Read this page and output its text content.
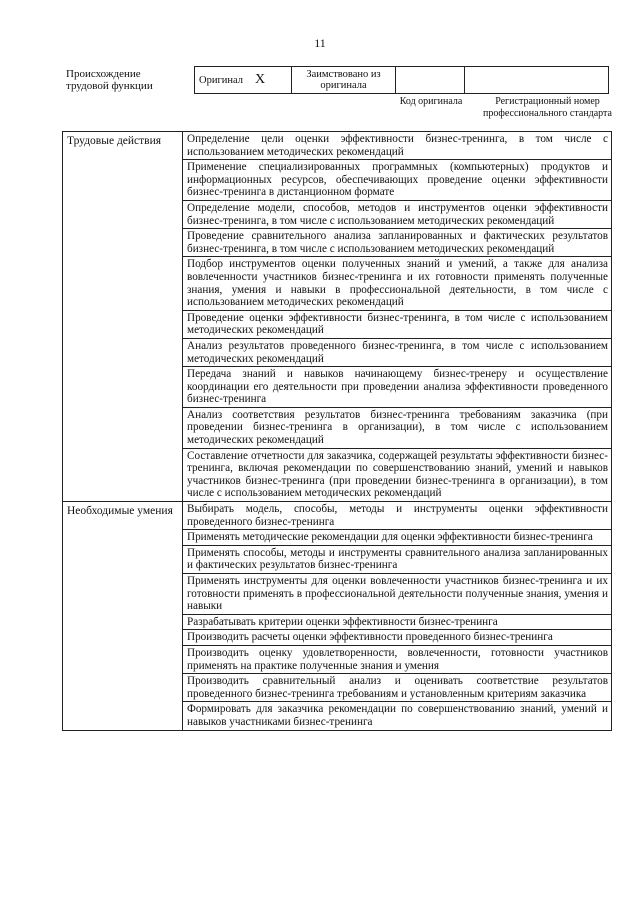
11
Происхождение трудовой функции	Оригинал X	Заимствовано из оригинала		
Код оригинала	Регистрационный номер профессионального стандарта
Трудовые действия	Определение цели оценки эффективности бизнес-тренинга, в том числе с использованием методических рекомендаций
	Применение специализированных программных (компьютерных) продуктов и информационных ресурсов, обеспечивающих проведение оценки эффективности бизнес-тренинга в дистанционном формате
	Определение модели, способов, методов и инструментов оценки эффективности бизнес-тренинга, в том числе с использованием методических рекомендаций
	Проведение сравнительного анализа запланированных и фактических результатов бизнес-тренинга, в том числе с использованием методических рекомендаций
	Подбор инструментов оценки полученных знаний и умений, а также для анализа вовлеченности участников бизнес-тренинга и их готовности применять полученные знания, умения и навыки в профессиональной деятельности, в том числе с использованием методических рекомендаций
	Проведение оценки эффективности бизнес-тренинга, в том числе с использованием методических рекомендаций
	Анализ результатов проведенного бизнес-тренинга, в том числе с использованием методических рекомендаций
	Передача знаний и навыков начинающему бизнес-тренеру и осуществление координации его деятельности при проведении анализа эффективности проведенного бизнес-тренинга
	Анализ соответствия результатов бизнес-тренинга требованиям заказчика (при проведении бизнес-тренинга в организации), в том числе с использованием методических рекомендаций
	Составление отчетности для заказчика, содержащей результаты эффективности бизнес-тренинга, включая рекомендации по совершенствованию знаний, умений и навыков участников бизнес-тренинга (при проведении бизнес-тренинга в организации), в том числе с использованием методических рекомендаций
Необходимые умения	Выбирать модель, способы, методы и инструменты оценки эффективности проведенного бизнес-тренинга
	Применять методические рекомендации для оценки эффективности бизнес-тренинга
	Применять способы, методы и инструменты сравнительного анализа запланированных и фактических результатов бизнес-тренинга
	Применять инструменты для оценки вовлеченности участников бизнес-тренинга и их готовности применять в профессиональной деятельности полученные знания, умения и навыки
	Разрабатывать критерии оценки эффективности бизнес-тренинга
	Производить расчеты оценки эффективности проведенного бизнес-тренинга
	Производить оценку удовлетворенности, вовлеченности, готовности участников применять на практике полученные знания и умения
	Производить сравнительный анализ и оценивать соответствие результатов проведенного бизнес-тренинга требованиям и установленным критериям заказчика
	Формировать для заказчика рекомендации по совершенствованию знаний, умений и навыков участниками бизнес-тренинга
